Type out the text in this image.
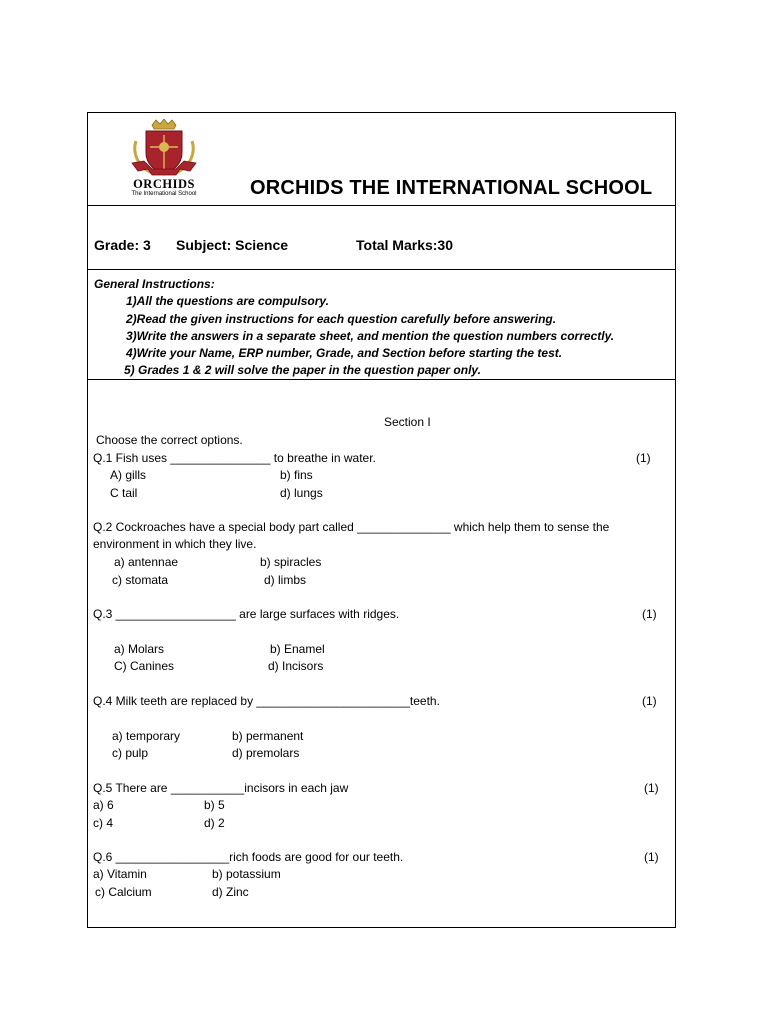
ORCHIDS
The International School	ORCHIDS THE INTERNATIONAL SCHOOL
Grade: 3 Subject: Science	Total Marks:30
General Instructions:
1)All the questions are compulsory.
2)Read the given instructions for each question carefully before answering.
3)Write the answers in a separate sheet, and mention the question numbers correctly.
4)Write your Name, ERP number, Grade, and Section before starting the test.
5) Grades 1 & 2 will solve the paper in the question paper only.
Section I
Choose the correct options.
Q.1 Fish uses _______________ to breathe in water.	(1)
A) gills	b) fins
C tail	d) lungs
Q.2 Cockroaches have a special body part called ______________ which help them to sense the
environment in which they live.
a) antennae	b) spiracles
c) stomata	d) limbs
Q.3 __________________ are large surfaces with ridges.	(1)
a) Molars	b) Enamel
C) Canines	d) Incisors
Q.4 Milk teeth are replaced by _______________________teeth.	(1)
a) temporary	b) permanent
c) pulp	d) premolars
Q.5 There are ___________incisors in each jaw	(1)
a) 6	b) 5
c) 4	d) 2
Q.6 _________________rich foods are good for our teeth.	(1)
a) Vitamin	b) potassium
c) Calcium	d) Zinc
